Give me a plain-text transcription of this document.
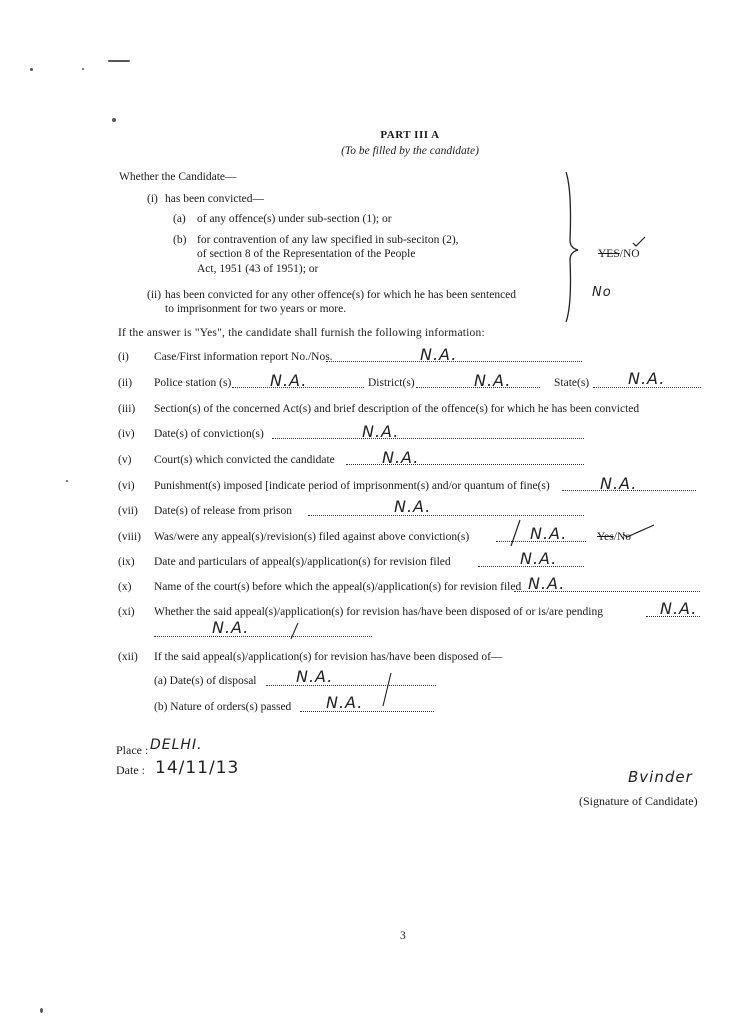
PART III A
(To be filled by the candidate)
Whether the Candidate—
(i) has been convicted—
(a) of any offence(s) under sub-section (1); or
(b) for contravention of any law specified in sub-seciton (2),
of section 8 of the Representation of the People
Act, 1951 (43 of 1951); or
YES/NO
(ii) has been convicted for any other offence(s) for which he has been sentenced
to imprisonment for two years or more.
No
If the answer is "Yes", the candidate shall furnish the following information:
(i) Case/First information report No./Nos.	N.A.
(ii) Police station (s) N.A.	District(s)	N.A.	State(s) N.A.
(iii) Section(s) of the concerned Act(s) and brief description of the offence(s) for which he has been convicted
(iv) Date(s) of conviction(s)	N.A.
(v) Court(s) which convicted the candidate	N.A.
(vi) Punishment(s) imposed [indicate period of imprisonment(s) and/or quantum of fine(s)	N.A.
(vii) Date(s) of release from prison	N.A.
(viii) Was/were any appeal(s)/revision(s) filed against above conviction(s)	N.A.	Yes/No
(ix) Date and particulars of appeal(s)/application(s) for revision filed	N.A.
(x) Name of the court(s) before which the appeal(s)/application(s) for revision filed N.A.
(xi) Whether the said appeal(s)/application(s) for revision has/have been disposed of or is/are pending	N.A.
N.A.
(xii) If the said appeal(s)/application(s) for revision has/have been disposed of—
(a) Date(s) of disposal N.A.
(b) Nature of orders(s) passed N.A.
Place : DELHI.
Date : 14/11/13	Bvinder
(Signature of Candidate)
3
